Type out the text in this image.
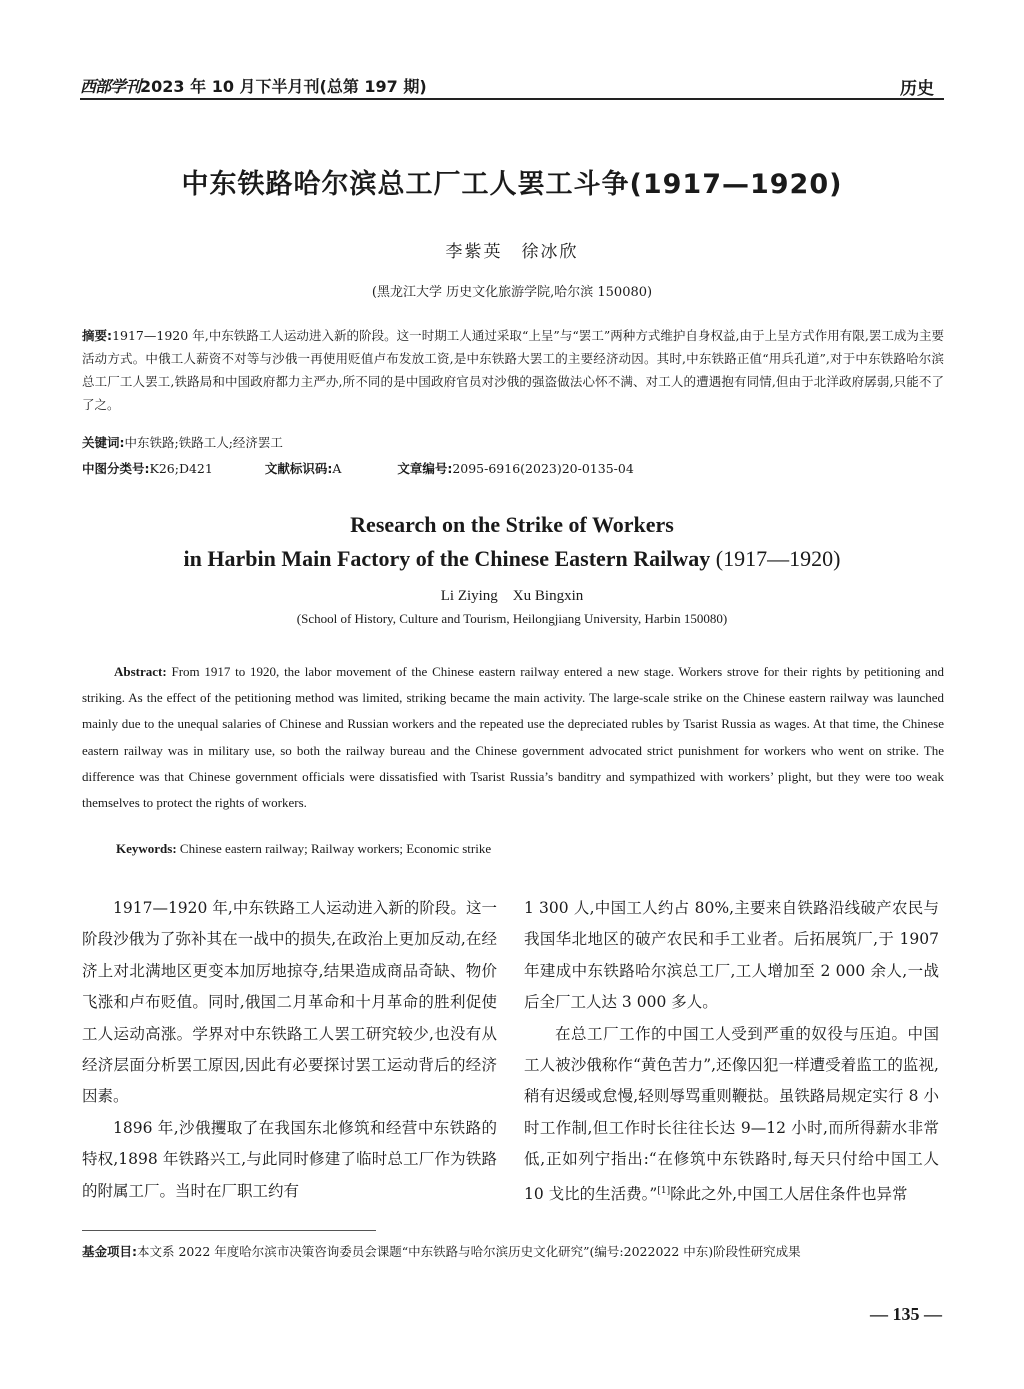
西部学刊2023 年 10 月下半月刊(总第 197 期)	历史
中东铁路哈尔滨总工厂工人罢工斗争(1917—1920)
李紫英　徐冰欣
(黑龙江大学 历史文化旅游学院,哈尔滨 150080)
摘要:1917—1920 年,中东铁路工人运动进入新的阶段。这一时期工人通过采取“上呈”与“罢工”两种方式维护自身权益,由于上呈方式作用有限,罢工成为主要活动方式。中俄工人薪资不对等与沙俄一再使用贬值卢布发放工资,是中东铁路大罢工的主要经济动因。其时,中东铁路正值“用兵孔道”,对于中东铁路哈尔滨总工厂工人罢工,铁路局和中国政府都力主严办,所不同的是中国政府官员对沙俄的强盗做法心怀不满、对工人的遭遇抱有同情,但由于北洋政府孱弱,只能不了了之。
关键词:中东铁路;铁路工人;经济罢工
中图分类号:K26;D421	文献标识码:A	文章编号:2095-6916(2023)20-0135-04
Research on the Strike of Workers
in Harbin Main Factory of the Chinese Eastern Railway (1917—1920)
Li Ziying　Xu Bingxin
(School of History, Culture and Tourism, Heilongjiang University, Harbin 150080)
Abstract: From 1917 to 1920, the labor movement of the Chinese eastern railway entered a new stage. Workers strove for their rights by petitioning and striking. As the effect of the petitioning method was limited, striking became the main activity. The large-scale strike on the Chinese eastern railway was launched mainly due to the unequal salaries of Chinese and Russian workers and the repeated use the depreciated rubles by Tsarist Russia as wages. At that time, the Chinese eastern railway was in military use, so both the railway bureau and the Chinese government advocated strict punishment for workers who went on strike. The difference was that Chinese government officials were dissatisfied with Tsarist Russia’s banditry and sympathized with workers’ plight, but they were too weak themselves to protect the rights of workers.
Keywords: Chinese eastern railway; Railway workers; Economic strike

1917—1920 年,中东铁路工人运动进入新的阶段。这一阶段沙俄为了弥补其在一战中的损失,在政治上更加反动,在经济上对北满地区更变本加厉地掠夺,结果造成商品奇缺、物价飞涨和卢布贬值。同时,俄国二月革命和十月革命的胜利促使工人运动高涨。学界对中东铁路工人罢工研究较少,也没有从经济层面分析罢工原因,因此有必要探讨罢工运动背后的经济因素。

1896 年,沙俄攫取了在我国东北修筑和经营中东铁路的特权,1898 年铁路兴工,与此同时修建了临时总工厂作为铁路的附属工厂。当时在厂职工约有

1 300 人,中国工人约占 80%,主要来自铁路沿线破产农民与我国华北地区的破产农民和手工业者。后拓展筑厂,于 1907 年建成中东铁路哈尔滨总工厂,工人增加至 2 000 余人,一战后全厂工人达 3 000 多人。

在总工厂工作的中国工人受到严重的奴役与压迫。中国工人被沙俄称作“黄色苦力”,还像囚犯一样遭受着监工的监视,稍有迟缓或怠慢,轻则辱骂重则鞭挞。虽铁路局规定实行 8 小时工作制,但工作时长往往长达 9—12 小时,而所得薪水非常低,正如列宁指出:“在修筑中东铁路时,每天只付给中国工人 10 戈比的生活费。”[1]除此之外,中国工人居住条件也异常

基金项目:本文系 2022 年度哈尔滨市决策咨询委员会课题“中东铁路与哈尔滨历史文化研究”(编号:2022022 中东)阶段性研究成果
— 135 —
